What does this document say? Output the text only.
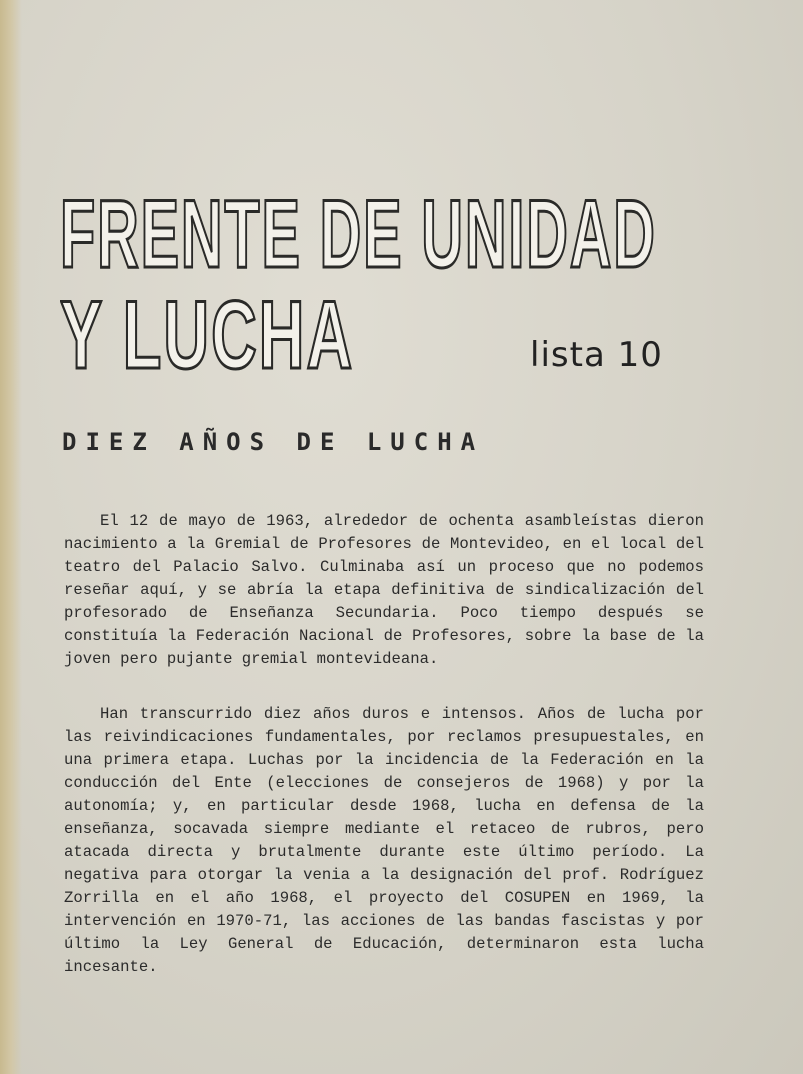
FRENTE DE UNIDAD
Y LUCHA	lista 10
DIEZ AÑOS DE LUCHA

El 12 de mayo de 1963, alrededor de ochenta asambleístas dieron nacimiento a la Gremial de Profesores de Montevideo, en el local del teatro del Palacio Salvo. Culminaba así un proceso que no podemos reseñar aquí, y se abría la etapa definitiva de sindicalización del profesorado de Enseñanza Secundaria. Poco tiempo después se constituía la Federación Nacional de Profesores, sobre la base de la joven pero pujante gremial montevideana.

Han transcurrido diez años duros e intensos. Años de lucha por las reivindicaciones fundamentales, por reclamos presupuestales, en una primera etapa. Luchas por la incidencia de la Federación en la conducción del Ente (elecciones de consejeros de 1968) y por la autonomía; y, en particular desde 1968, lucha en defensa de la enseñanza, socavada siempre mediante el retaceo de rubros, pero atacada directa y brutalmente durante este último período. La negativa para otorgar la venia a la designación del prof. Rodríguez Zorrilla en el año 1968, el proyecto del COSUPEN en 1969, la intervención en 1970-71, las acciones de las bandas fascistas y por último la Ley General de Educación, determinaron esta lucha incesante.
